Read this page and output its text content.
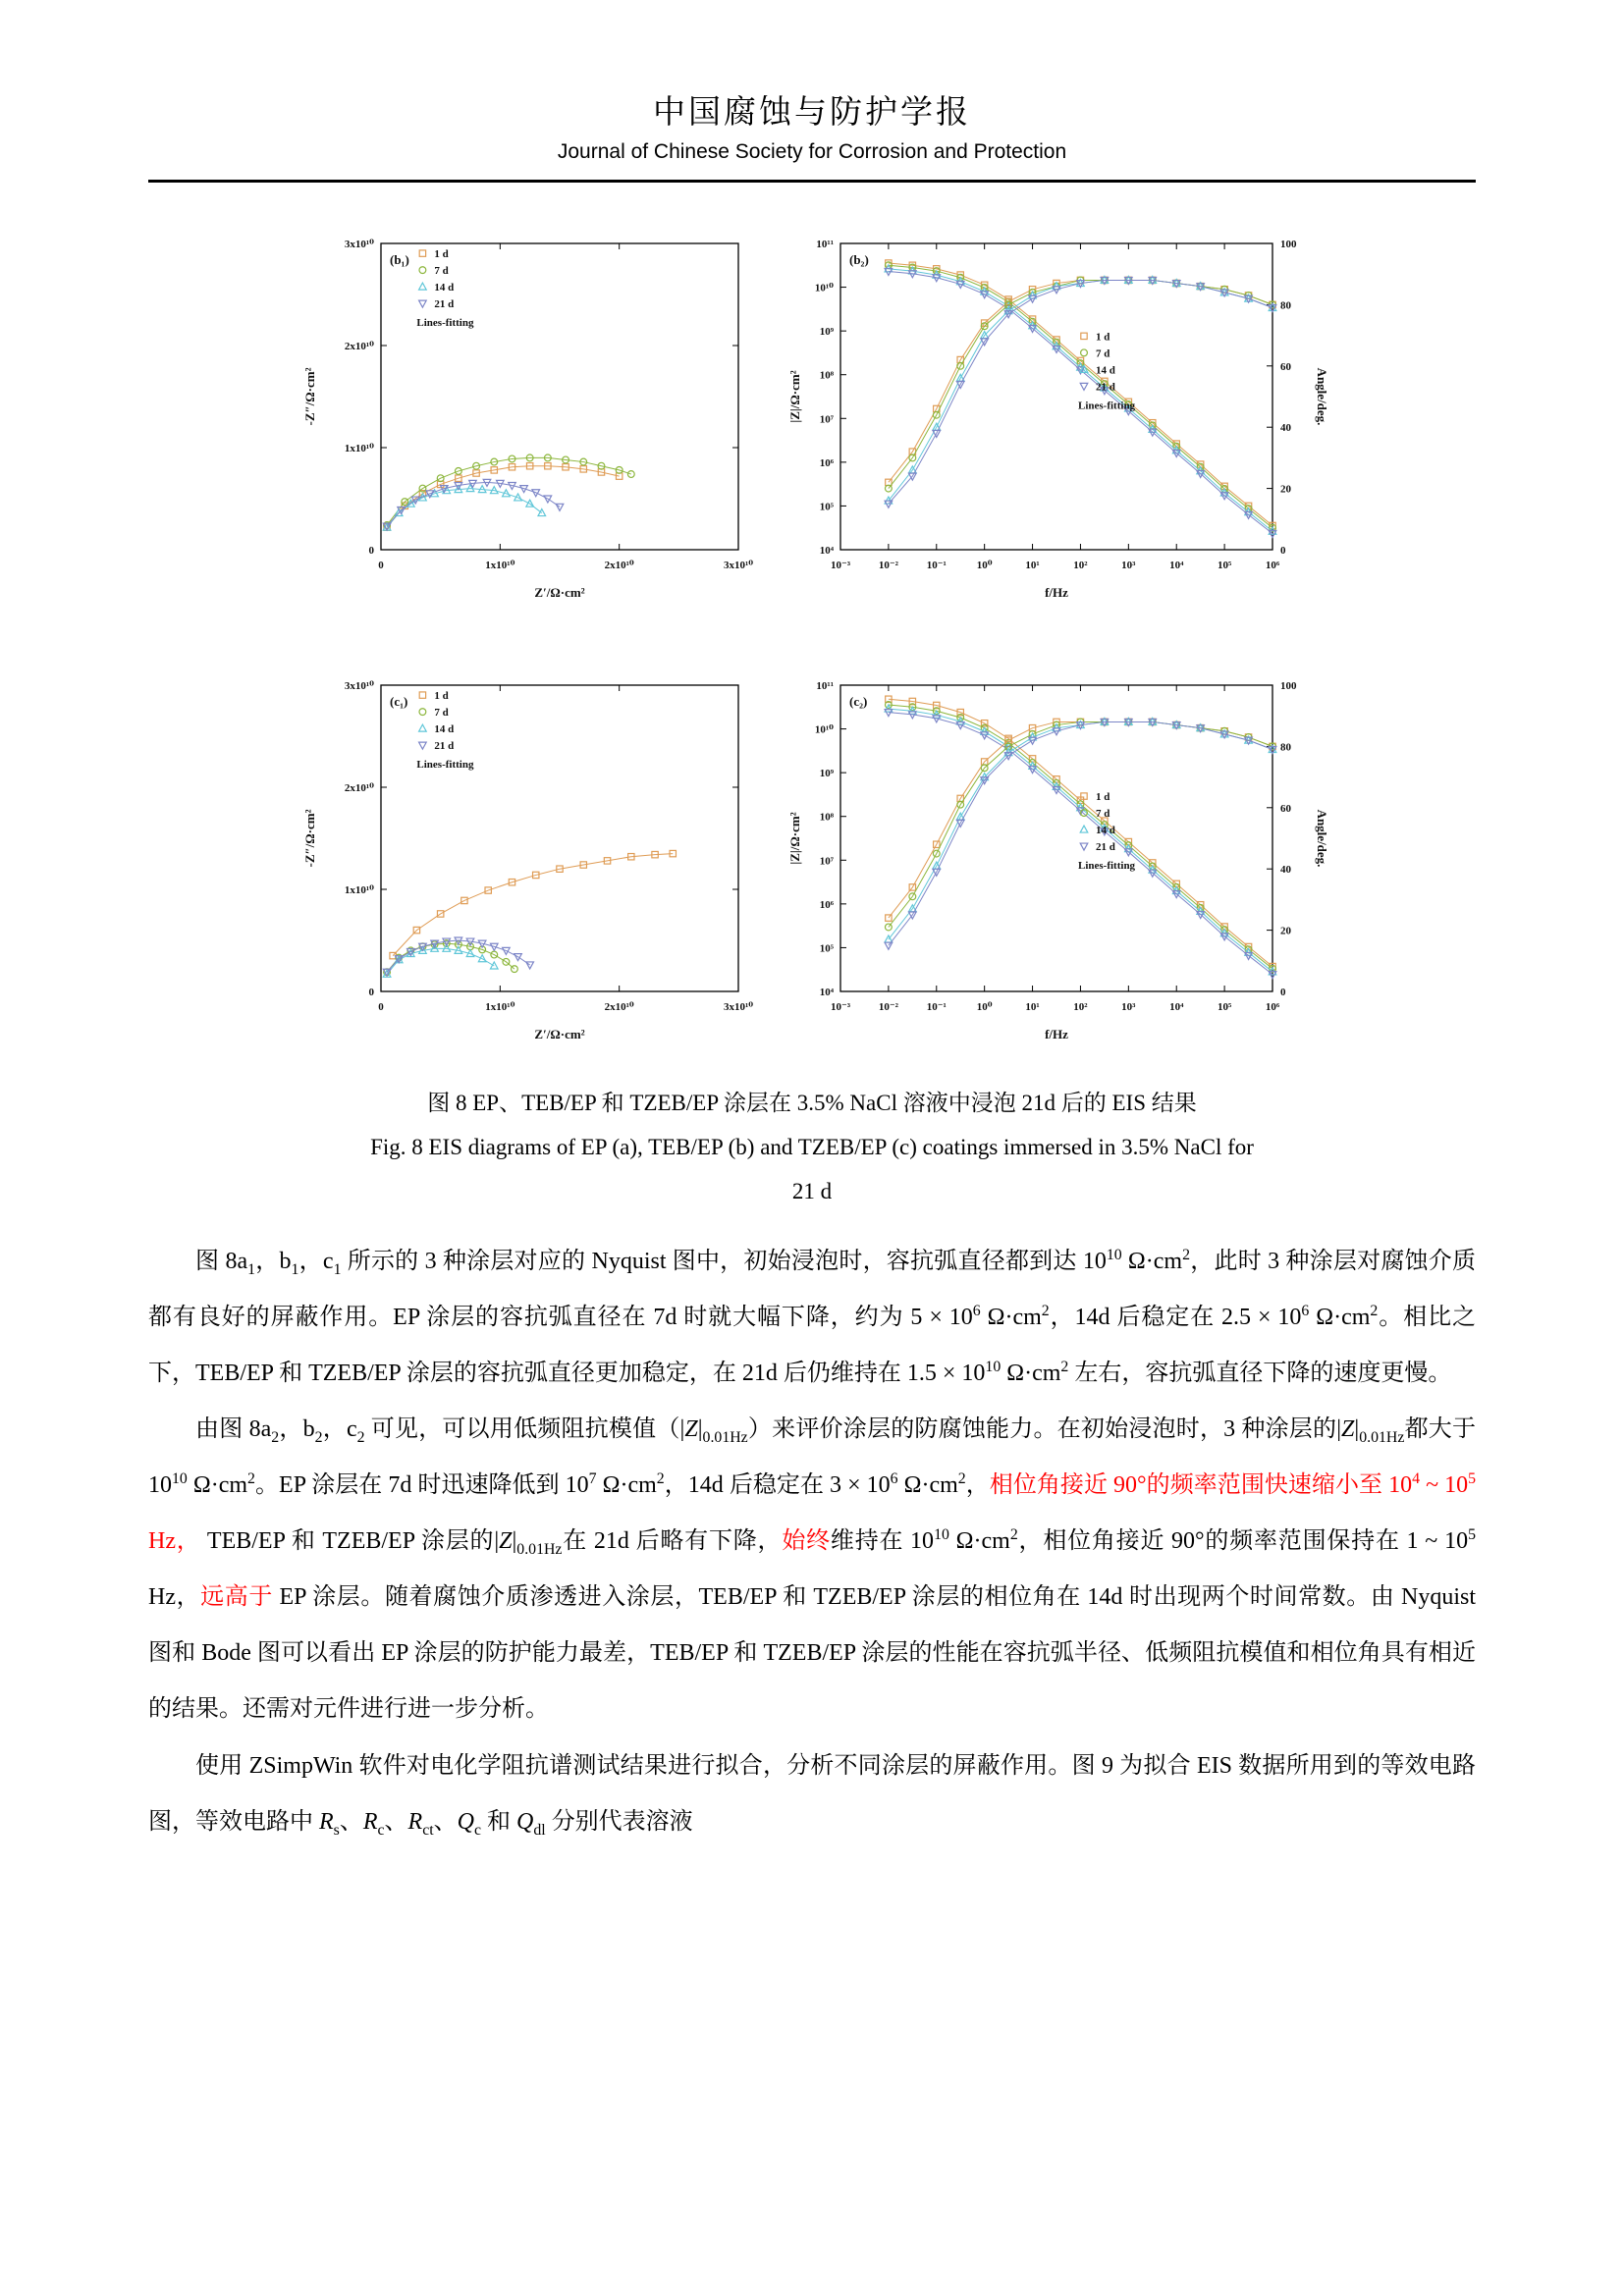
中国腐蚀与防护学报
Journal of Chinese Society for Corrosion and Protection
0	1x10¹⁰	2x10¹⁰	3x10¹⁰
0
1x10¹⁰
2x10¹⁰
3x10¹⁰
Z′/Ω·cm²
-Z″/Ω·cm²
(b₁) 1 d
7 d
14 d
21 d
Lines-fitting
10⁻³	10⁻²	10⁻¹	10⁰	10¹	10²	10³	10⁴	10⁵	10⁶
10⁴
10⁵
10⁶
10⁷
10⁸
10⁹
10¹⁰
10¹¹
0
20
40
60
80
100
f/Hz
|Z|/Ω·cm²	Angle/deg.
(b₂)
1 d
7 d
14 d
21 d
Lines-fitting
0	1x10¹⁰	2x10¹⁰	3x10¹⁰
0
1x10¹⁰
2x10¹⁰
3x10¹⁰
Z′/Ω·cm²
-Z″/Ω·cm²
(c₁) 1 d
7 d
14 d
21 d
Lines-fitting
10⁻³	10⁻²	10⁻¹	10⁰	10¹	10²	10³	10⁴	10⁵	10⁶
10⁴
10⁵
10⁶
10⁷
10⁸
10⁹
10¹⁰
10¹¹
0
20
40
60
80
100
f/Hz
|Z|/Ω·cm²	Angle/deg.
(c₂)
1 d
7 d
14 d
21 d
Lines-fitting
图 8 EP、TEB/EP 和 TZEB/EP 涂层在 3.5% NaCl 溶液中浸泡 21d 后的 EIS 结果
Fig. 8 EIS diagrams of EP (a), TEB/EP (b) and TZEB/EP (c) coatings immersed in 3.5% NaCl for
21 d

图 $8a_1$，$b_1$，$c_1$ 所示的 3 种涂层对应的 Nyquist 图中，初始浸泡时，容抗弧直径都到达 $10^{10}$ $\Omega\cdot cm^2$，此时 3 种涂层对腐蚀介质都有良好的屏蔽作用。EP 涂层的容抗弧直径在 7d 时就大幅下降，约为 $5 \times 10^6$ $\Omega\cdot cm^2$，14d 后稳定在 $2.5 \times 10^6$ $\Omega\cdot cm^2$。相比之下，TEB/EP 和 TZEB/EP 涂层的容抗弧直径更加稳定，在 21d 后仍维持在 $1.5 \times 10^{10}$ $\Omega\cdot cm^2$ 左右，容抗弧直径下降的速度更慢。

由图 $8a_2$，$b_2$，$c_2$ 可见，可以用低频阻抗模值$(|Z|_{0.01Hz})$来评价涂层的防腐蚀能力。在初始浸泡时，3 种涂层的$|Z|_{0.01Hz}$都大于 $10^{10}$ $\Omega\cdot cm^2$。EP 涂层在 7d 时迅速降低到 $10^7$ $\Omega\cdot cm^2$，14d 后稳定在 $3 \times 10^6$ $\Omega\cdot cm^2$，相位角接近 90°的频率范围快速缩小至 $10^4$ ~ $10^5$ Hz， TEB/EP 和 TZEB/EP 涂层的$|Z|_{0.01Hz}$在 21d 后略有下降，始终维持在 $10^{10}$ $\Omega\cdot cm^2$，相位角接近 90°的频率范围保持在 1 ~ $10^5$ Hz，远高于 EP 涂层。随着腐蚀介质渗透进入涂层，TEB/EP 和 TZEB/EP 涂层的相位角在 14d 时出现两个时间常数。由 Nyquist 图和 Bode 图可以看出 EP 涂层的防护能力最差，TEB/EP 和 TZEB/EP 涂层的性能在容抗弧半径、低频阻抗模值和相位角具有相近的结果。还需对元件进行进一步分析。

使用 ZSimpWin 软件对电化学阻抗谱测试结果进行拟合，分析不同涂层的屏蔽作用。图 9 为拟合 EIS 数据所用到的等效电路图，等效电路中 $R_s$、$R_c$、$R_{ct}$、$Q_c$ 和 $Q_{dl}$ 分别代表溶液
